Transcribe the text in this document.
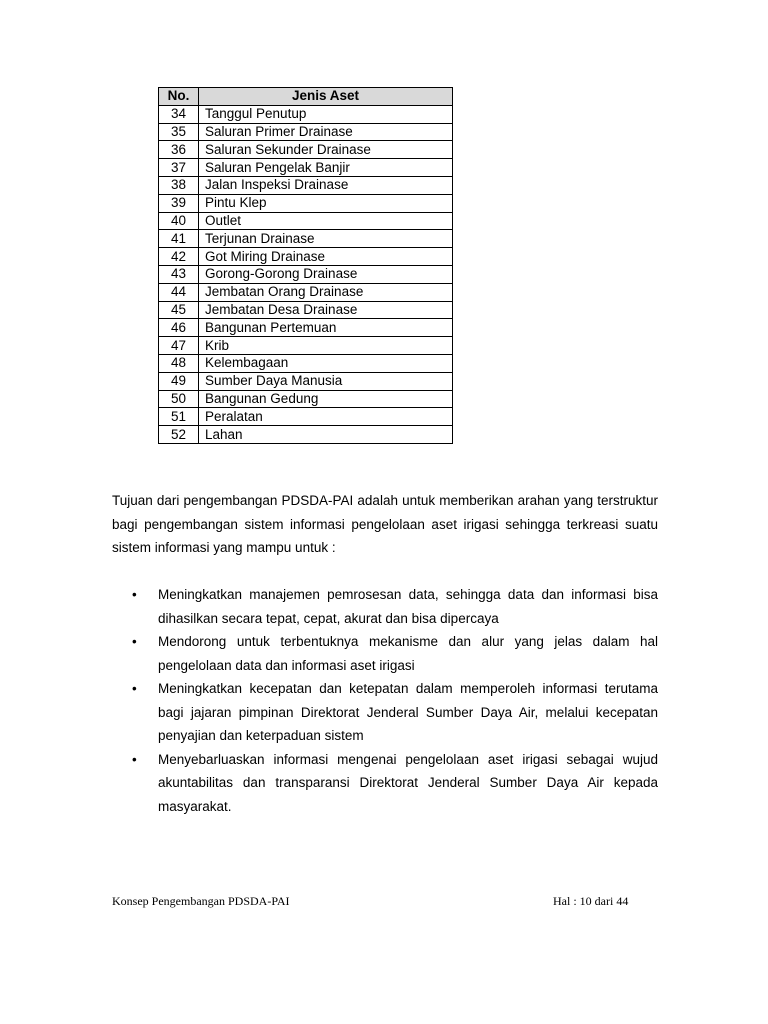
No.	Jenis Aset
34	Tanggul Penutup
35	Saluran Primer Drainase
36	Saluran Sekunder Drainase
37	Saluran Pengelak Banjir
38	Jalan Inspeksi Drainase
39	Pintu Klep
40	Outlet
41	Terjunan Drainase
42	Got Miring Drainase
43	Gorong-Gorong Drainase
44	Jembatan Orang Drainase
45	Jembatan Desa Drainase
46	Bangunan Pertemuan
47	Krib
48	Kelembagaan
49	Sumber Daya Manusia
50	Bangunan Gedung
51	Peralatan
52	Lahan

Tujuan dari pengembangan PDSDA-PAI adalah untuk memberikan arahan yang terstruktur bagi pengembangan sistem informasi pengelolaan aset irigasi sehingga terkreasi suatu sistem informasi yang mampu untuk :

• Meningkatkan manajemen pemrosesan data, sehingga data dan informasi bisa dihasilkan secara tepat, cepat, akurat dan bisa dipercaya
• Mendorong untuk terbentuknya mekanisme dan alur yang jelas dalam hal pengelolaan data dan informasi aset irigasi
• Meningkatkan kecepatan dan ketepatan dalam memperoleh informasi terutama bagi jajaran pimpinan Direktorat Jenderal Sumber Daya Air, melalui kecepatan penyajian dan keterpaduan sistem
• Menyebarluaskan informasi mengenai pengelolaan aset irigasi sebagai wujud akuntabilitas dan transparansi Direktorat Jenderal Sumber Daya Air kepada masyarakat.
Konsep Pengembangan PDSDA-PAI	Hal : 10 dari 44
